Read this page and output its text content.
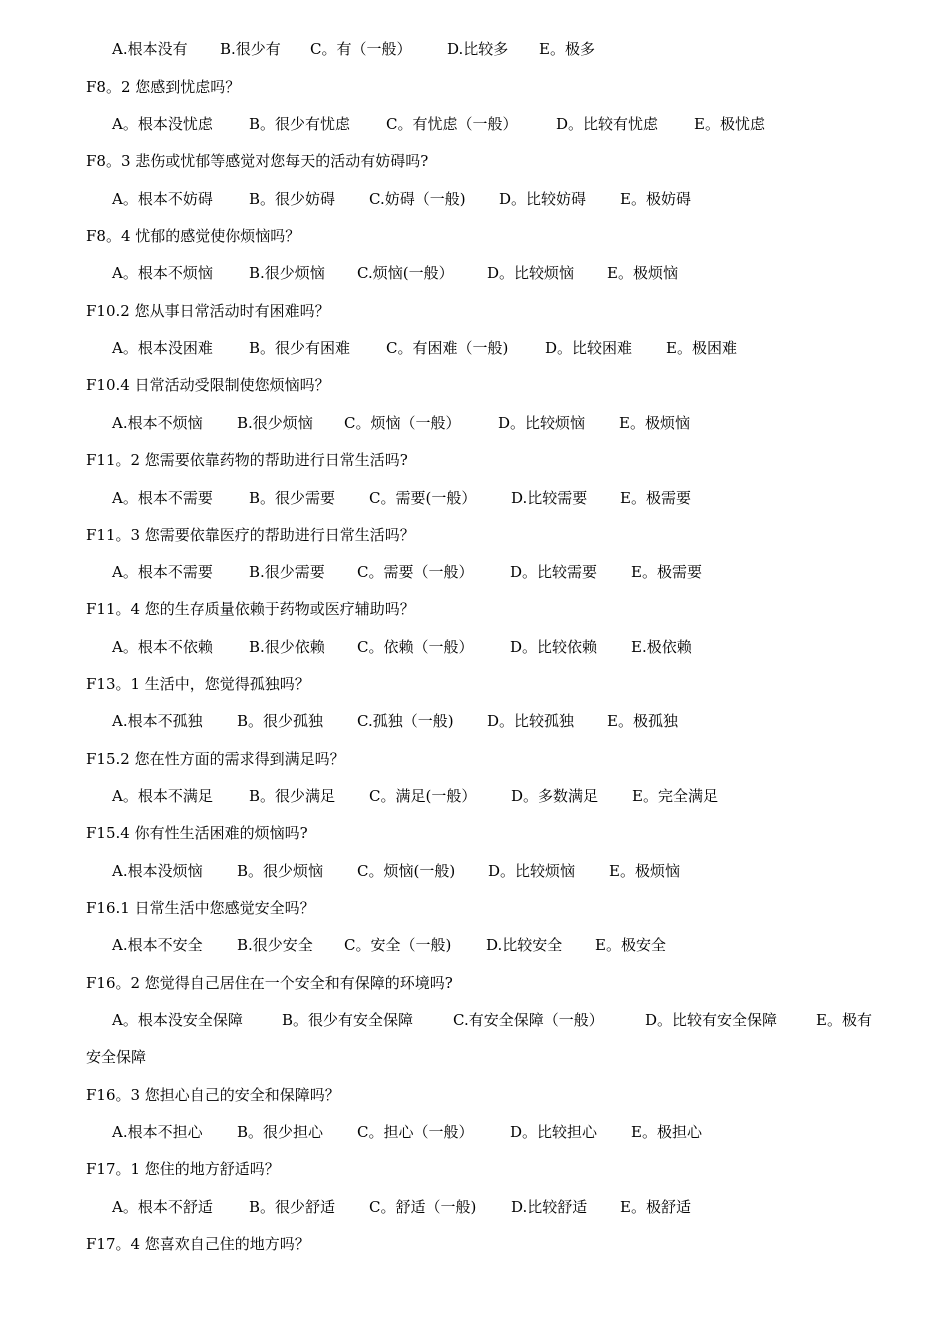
A.根本没有 B.很少有 C。有（一般） D.比较多 E。极多
F8。2 您感到忧虑吗？
A。根本没忧虑 B。很少有忧虑 C。有忧虑（一般）	D。比较有忧虑 E。极忧虑
F8。3 悲伤或忧郁等感觉对您每天的活动有妨碍吗?
A。根本不妨碍 B。很少妨碍 C.妨碍（一般) D。比较妨碍 E。极妨碍
F8。4 忧郁的感觉使你烦恼吗？
A。根本不烦恼 B.很少烦恼 C.烦恼(一般） D。比较烦恼 E。极烦恼
F10.2 您从事日常活动时有困难吗？
A。根本没困难 B。很少有困难 C。有困难（一般) D。比较困难 E。极困难
F10.4 日常活动受限制使您烦恼吗？
A.根本不烦恼 B.很少烦恼 C。烦恼（一般）	D。比较烦恼 E。极烦恼
F11。2 您需要依靠药物的帮助进行日常生活吗?
A。根本不需要 B。很少需要 C。需要(一般） D.比较需要 E。极需要
F11。3 您需要依靠医疗的帮助进行日常生活吗？
A。根本不需要 B.很少需要 C。需要（一般） D。比较需要 E。极需要
F11。4 您的生存质量依赖于药物或医疗辅助吗？
A。根本不依赖 B.很少依赖 C。依赖（一般） D。比较依赖 E.极依赖
F13。1 生活中，您觉得孤独吗？
A.根本不孤独 B。很少孤独 C.孤独（一般) D。比较孤独 E。极孤独
F15.2 您在性方面的需求得到满足吗？
A。根本不满足 B。很少满足 C。满足(一般） D。多数满足 E。完全满足
F15.4 你有性生活困难的烦恼吗?
A.根本没烦恼 B。很少烦恼 C。烦恼(一般) D。比较烦恼 E。极烦恼
F16.1 日常生活中您感觉安全吗？
A.根本不安全 B.很少安全 C。安全（一般) D.比较安全 E。极安全
F16。2 您觉得自己居住在一个安全和有保障的环境吗?
A。根本没安全保障	B。很少有安全保障	C.有安全保障（一般）	D。比较有安全保障	E。极有
安全保障
F16。3 您担心自己的安全和保障吗？
A.根本不担心 B。很少担心 C。担心（一般） D。比较担心 E。极担心
F17。1 您住的地方舒适吗？
A。根本不舒适 B。很少舒适 C。舒适（一般) D.比较舒适 E。极舒适
F17。4 您喜欢自己住的地方吗？
